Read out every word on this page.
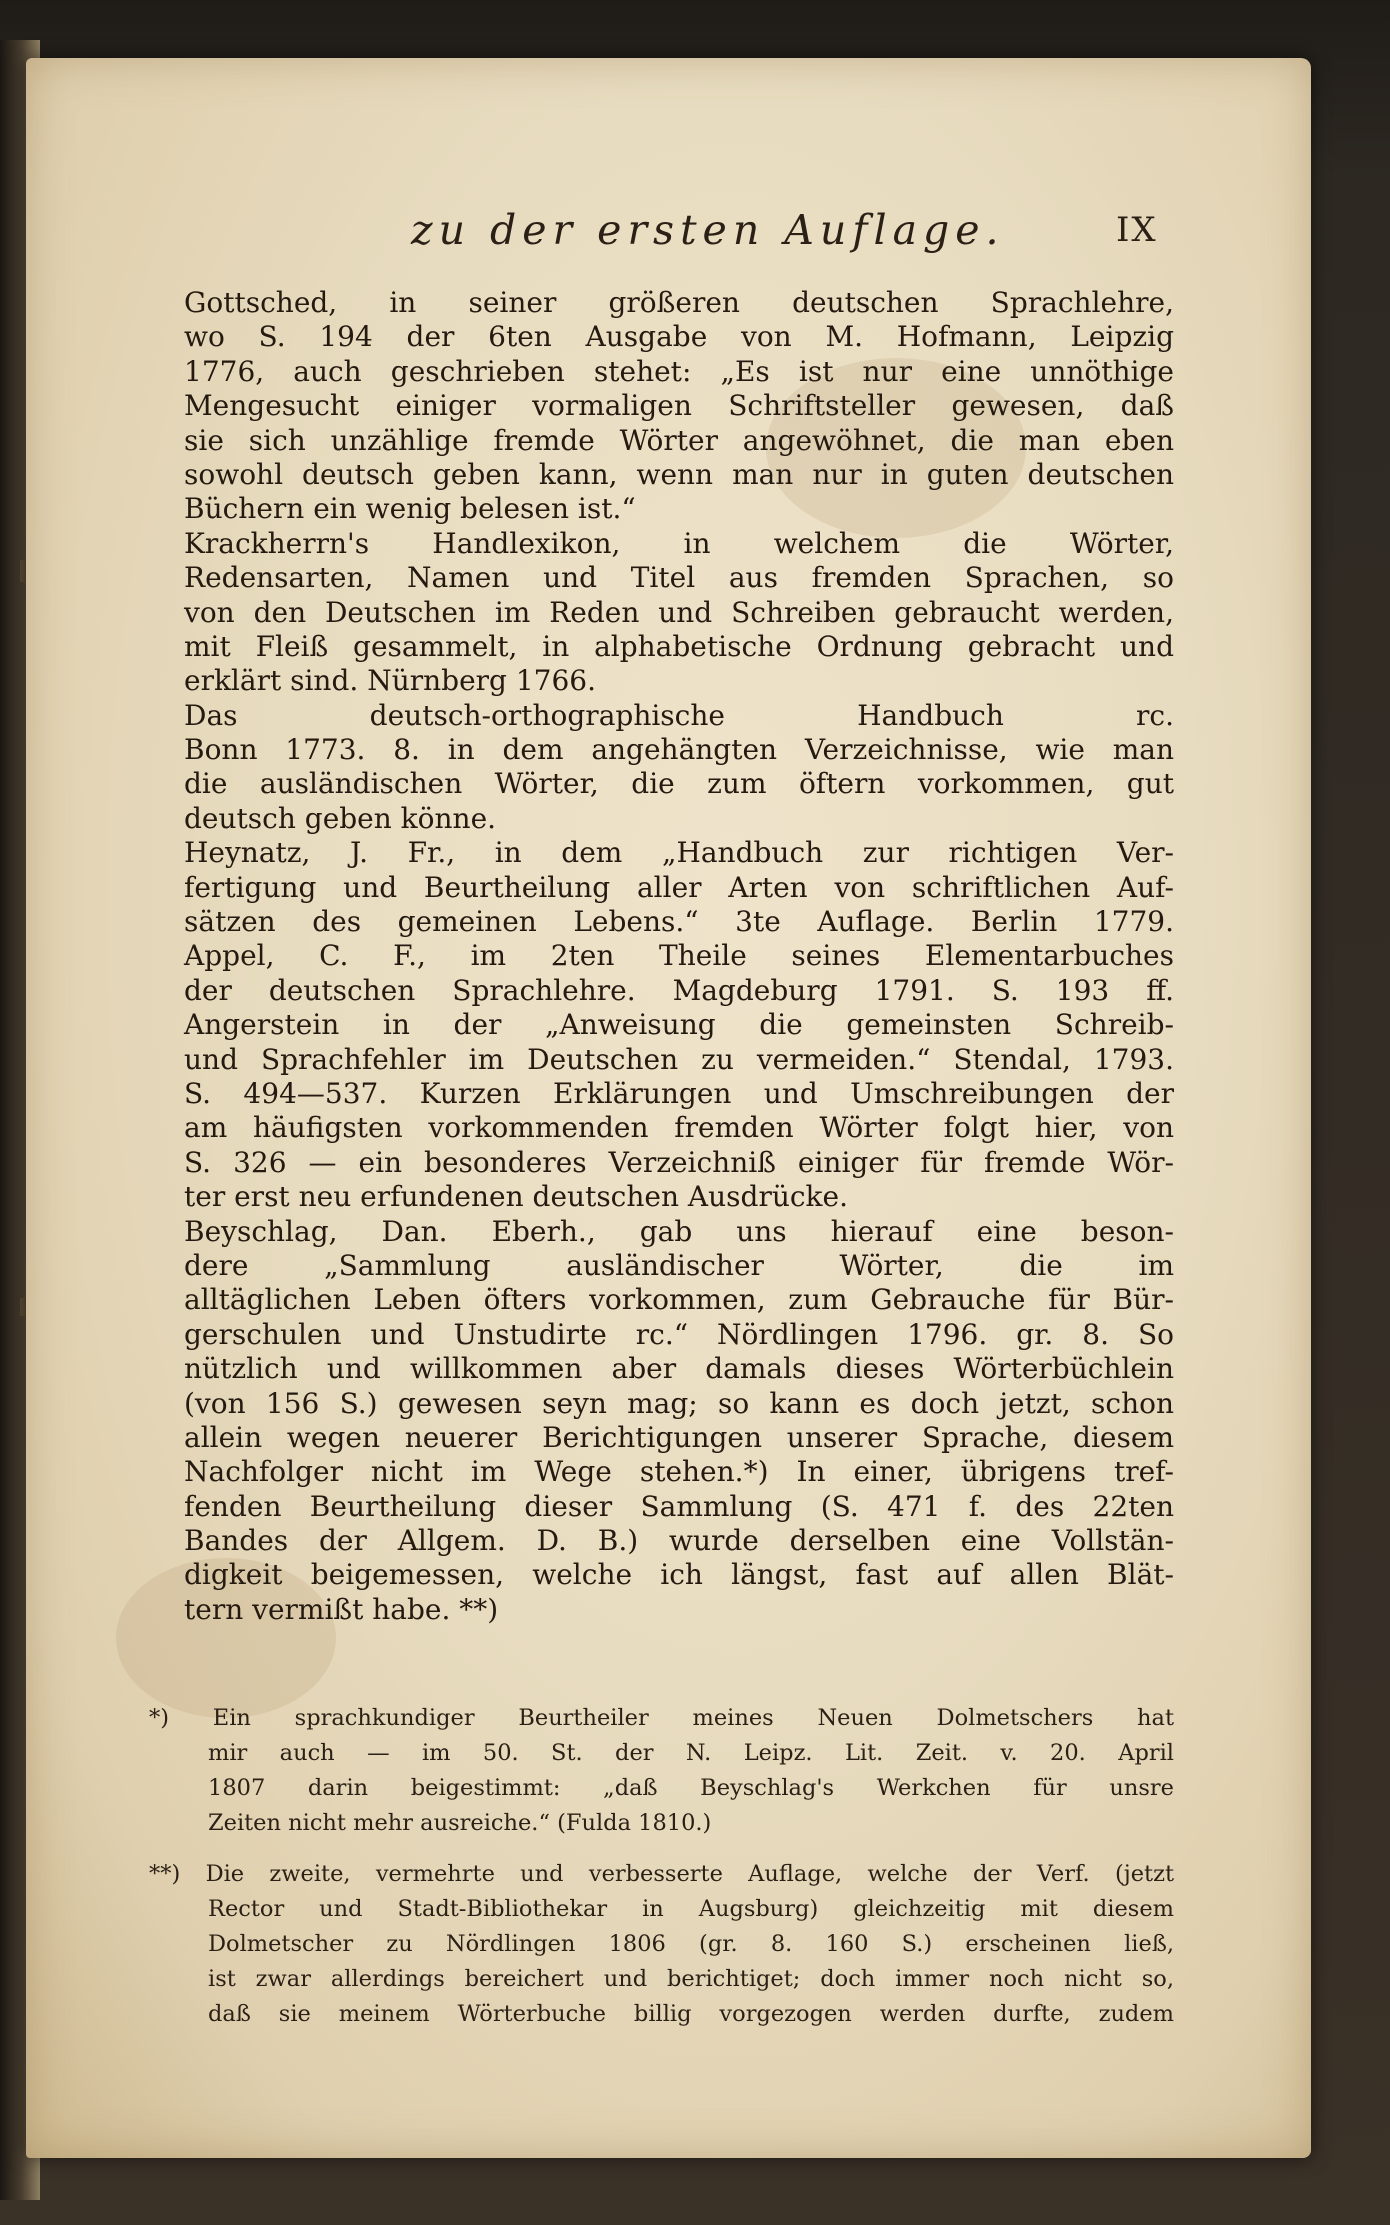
zu der ersten Auflage.	IX
Gottsched, in seiner größeren deutschen Sprachlehre,
wo S. 194 der 6ten Ausgabe von M. Hofmann, Leipzig
1776, auch geschrieben stehet: „Es ist nur eine unnöthige
Mengesucht einiger vormaligen Schriftsteller gewesen, daß
sie sich unzählige fremde Wörter angewöhnet, die man eben
sowohl deutsch geben kann, wenn man nur in guten deutschen
Büchern ein wenig belesen ist.“
Krackherrn's Handlexikon, in welchem die Wörter,
Redensarten, Namen und Titel aus fremden Sprachen, so
von den Deutschen im Reden und Schreiben gebraucht werden,
mit Fleiß gesammelt, in alphabetische Ordnung gebracht und
erklärt sind. Nürnberg 1766.
Das deutsch-orthographische Handbuch rc.
Bonn 1773. 8. in dem angehängten Verzeichnisse, wie man
die ausländischen Wörter, die zum öftern vorkommen, gut
deutsch geben könne.
Heynatz, J. Fr., in dem „Handbuch zur richtigen Ver-
fertigung und Beurtheilung aller Arten von schriftlichen Auf-
sätzen des gemeinen Lebens.“ 3te Auflage. Berlin 1779.
Appel, C. F., im 2ten Theile seines Elementarbuches
der deutschen Sprachlehre. Magdeburg 1791. S. 193 ff.
Angerstein in der „Anweisung die gemeinsten Schreib-
und Sprachfehler im Deutschen zu vermeiden.“ Stendal, 1793.
S. 494—537. Kurzen Erklärungen und Umschreibungen der
am häufigsten vorkommenden fremden Wörter folgt hier, von
S. 326 — ein besonderes Verzeichniß einiger für fremde Wör-
ter erst neu erfundenen deutschen Ausdrücke.
Beyschlag, Dan. Eberh., gab uns hierauf eine beson-
dere „Sammlung ausländischer Wörter, die im
alltäglichen Leben öfters vorkommen, zum Gebrauche für Bür-
gerschulen und Unstudirte rc.“ Nördlingen 1796. gr. 8. So
nützlich und willkommen aber damals dieses Wörterbüchlein
(von 156 S.) gewesen seyn mag; so kann es doch jetzt, schon
allein wegen neuerer Berichtigungen unserer Sprache, diesem
Nachfolger nicht im Wege stehen.*) In einer, übrigens tref-
fenden Beurtheilung dieser Sammlung (S. 471 f. des 22ten
Bandes der Allgem. D. B.) wurde derselben eine Vollstän-
digkeit beigemessen, welche ich längst, fast auf allen Blät-
tern vermißt habe. **)
*) Ein sprachkundiger Beurtheiler meines Neuen Dolmetschers hat
mir auch — im 50. St. der N. Leipz. Lit. Zeit. v. 20. April
1807 darin beigestimmt: „daß Beyschlag's Werkchen für unsre
Zeiten nicht mehr ausreiche.“ (Fulda 1810.)
**) Die zweite, vermehrte und verbesserte Auflage, welche der Verf. (jetzt
Rector und Stadt-Bibliothekar in Augsburg) gleichzeitig mit diesem
Dolmetscher zu Nördlingen 1806 (gr. 8. 160 S.) erscheinen ließ,
ist zwar allerdings bereichert und berichtiget; doch immer noch nicht so,
daß sie meinem Wörterbuche billig vorgezogen werden durfte, zudem
